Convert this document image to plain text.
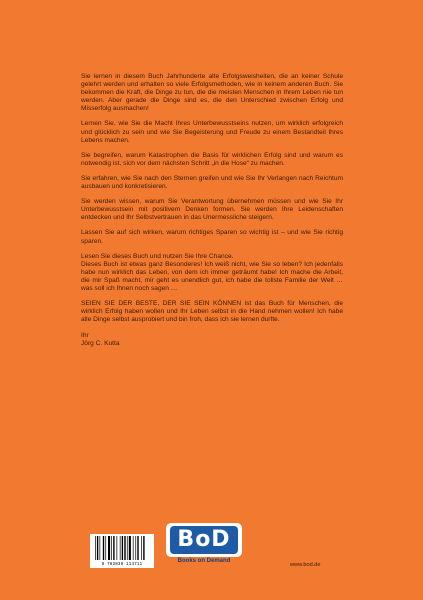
Sie lernen in diesem Buch Jahrhunderte alte Erfolgsweisheiten, die an keiner Schule gelehrt werden und erhalten so viele Erfolgsmethoden, wie in keinem anderen Buch. Sie bekommen die Kraft, die Dinge zu tun, die die meisten Menschen in Ihrem Leben nie tun werden. Aber gerade die Dinge sind es, die den Unterschied zwischen Erfolg und Misserfolg ausmachen!

Lernen Sie, wie Sie die Macht Ihres Unterbewusstseins nutzen, um wirklich erfolgreich und glücklich zu sein und wie Sie Begeisterung und Freude zu einem Bestandteil Ihres Lebens machen.

Sie begreifen, warum Katastrophen die Basis für wirklichen Erfolg sind und warum es notwendig ist, sich vor dem nächsten Schritt „in die Hose“ zu machen.

Sie erfahren, wie Sie nach den Sternen greifen und wie Sie Ihr Verlangen nach Reichtum ausbauen und konkretisieren.

Sie werden wissen, warum Sie Verantwortung übernehmen müssen und wie Sie Ihr Unterbewusstsein mit positivem Denken formen. Sie werden Ihre Leidenschaften entdecken und Ihr Selbstvertrauen in das Unermessliche steigern.

Lassen Sie auf sich wirken, warum richtiges Sparen so wichtig ist – und wie Sie richtig sparen.

Lesen Sie dieses Buch und nutzen Sie Ihre Chance.
Dieses Buch ist etwas ganz Besonderes! Ich weiß nicht, wie Sie so leben? Ich jedenfalls habe nun wirklich das Leben, von dem ich immer geträumt habe! Ich mache die Arbeit, die mir Spaß macht, mir geht es unendlich gut, ich habe die tollste Familie der Welt … was soll ich Ihnen noch sagen …

SEIEN SIE DER BESTE, DER SIE SEIN KÖNNEN ist das Buch für Menschen, die wirklich Erfolg haben wollen und Ihr Leben selbst in die Hand nehmen wollen! Ich habe alle Dinge selbst ausprobiert und bin froh, dass ich sie lernen durfte.

Ihr
Jörg C. Kutta

9 783839 114711
BoD
Books on Demand
www.bod.de
